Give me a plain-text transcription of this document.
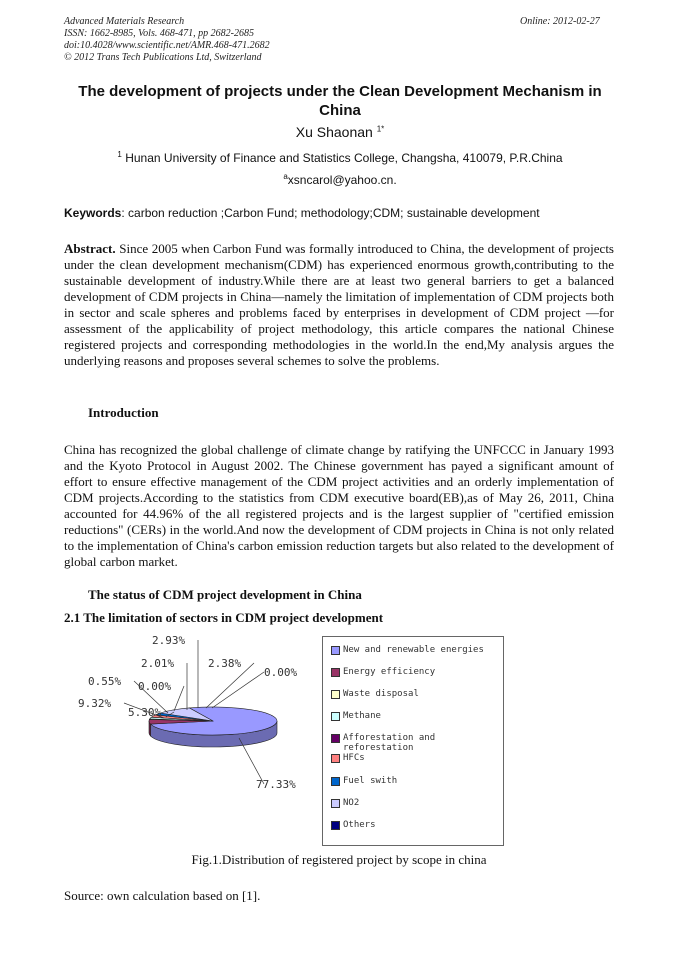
Advanced Materials Research
ISSN: 1662-8985, Vols. 468-471, pp 2682-2685
doi:10.4028/www.scientific.net/AMR.468-471.2682
© 2012 Trans Tech Publications Ltd, Switzerland
Online: 2012-02-27
The development of projects under the Clean Development Mechanism in China
Xu Shaonan $^{1*}$
$^1$ Hunan University of Finance and Statistics College, Changsha, 410079, P.R.China
$^a$xsncarol@yahoo.cn.
Keywords: carbon reduction ;Carbon Fund; methodology;CDM; sustainable development
Abstract. Since 2005 when Carbon Fund was formally introduced to China, the development of projects under the clean development mechanism(CDM) has experienced enormous growth,contributing to the sustainable development of industry.While there are at least two general barriers to get a balanced development of CDM projects in China—namely the limitation of implementation of CDM projects both in sector and scale spheres and problems faced by enterprises in development of CDM project —for assessment of the applicability of project methodology, this article compares the national Chinese registered projects and corresponding methodologies in the world.In the end,My analysis argues the underlying reasons and proposes several schemes to solve the problems.
Introduction
China has recognized the global challenge of climate change by ratifying the UNFCCC in January 1993 and the Kyoto Protocol in August 2002. The Chinese government has payed a significant amount of effort to ensure effective management of the CDM project activities and an orderly implementation of CDM projects.According to the statistics from CDM executive board(EB),as of May 26, 2011, China accounted for 44.96% of the all registered projects and is the largest supplier of "certified emission reductions" (CERs) in the world.And now the development of CDM projects in China is not only related to the implementation of China's carbon emission reduction targets but also related to the development of global carbon market.
The status of CDM project development in China
2.1 The limitation of sectors in CDM project development
77.33%
5.30%
0.55%
2.01%
0.00%
2.93%
2.38%
9.32%
0.00%
New and renewable energies
Energy efficiency
Waste disposal
Methane
Afforestation and reforestation
HFCs
Fuel swith
NO2
Others
Fig.1.Distribution of registered project by scope in china
Source: own calculation based on [1].
